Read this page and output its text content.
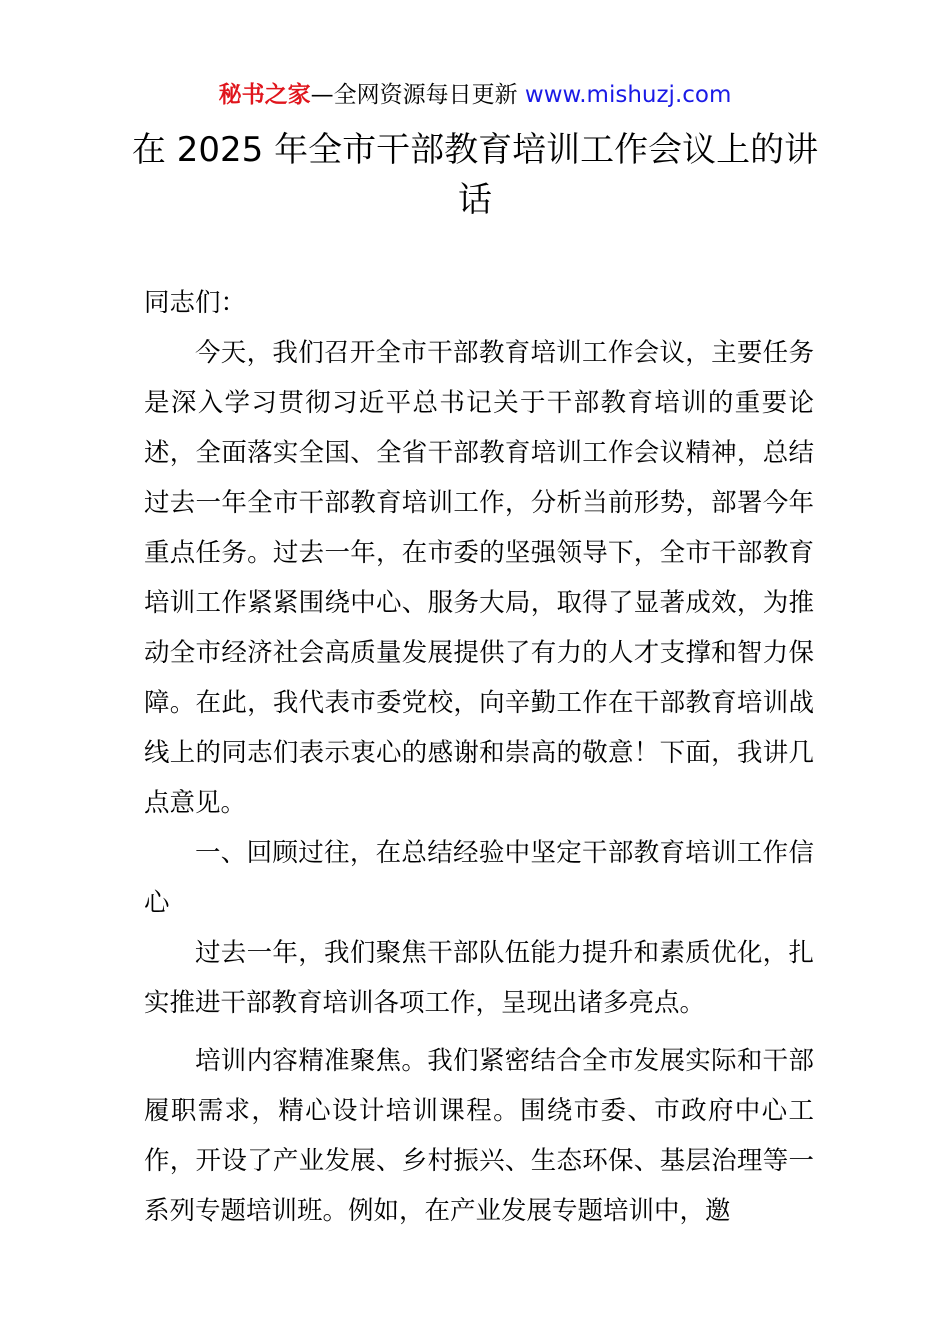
秘书之家—全网资源每日更新 www.mishuzj.com
在 2025 年全市干部教育培训工作会议上的讲话

同志们：

今天，我们召开全市干部教育培训工作会议，主要任务是深入学习贯彻习近平总书记关于干部教育培训的重要论述，全面落实全国、全省干部教育培训工作会议精神，总结过去一年全市干部教育培训工作，分析当前形势，部署今年重点任务。过去一年，在市委的坚强领导下，全市干部教育培训工作紧紧围绕中心、服务大局，取得了显著成效，为推动全市经济社会高质量发展提供了有力的人才支撑和智力保障。在此，我代表市委党校，向辛勤工作在干部教育培训战线上的同志们表示衷心的感谢和崇高的敬意！下面，我讲几点意见。

一、回顾过往，在总结经验中坚定干部教育培训工作信心

过去一年，我们聚焦干部队伍能力提升和素质优化，扎实推进干部教育培训各项工作，呈现出诸多亮点。

培训内容精准聚焦。我们紧密结合全市发展实际和干部履职需求，精心设计培训课程。围绕市委、市政府中心工作，开设了产业发展、乡村振兴、生态环保、基层治理等一系列专题培训班。例如，在产业发展专题培训中，邀
